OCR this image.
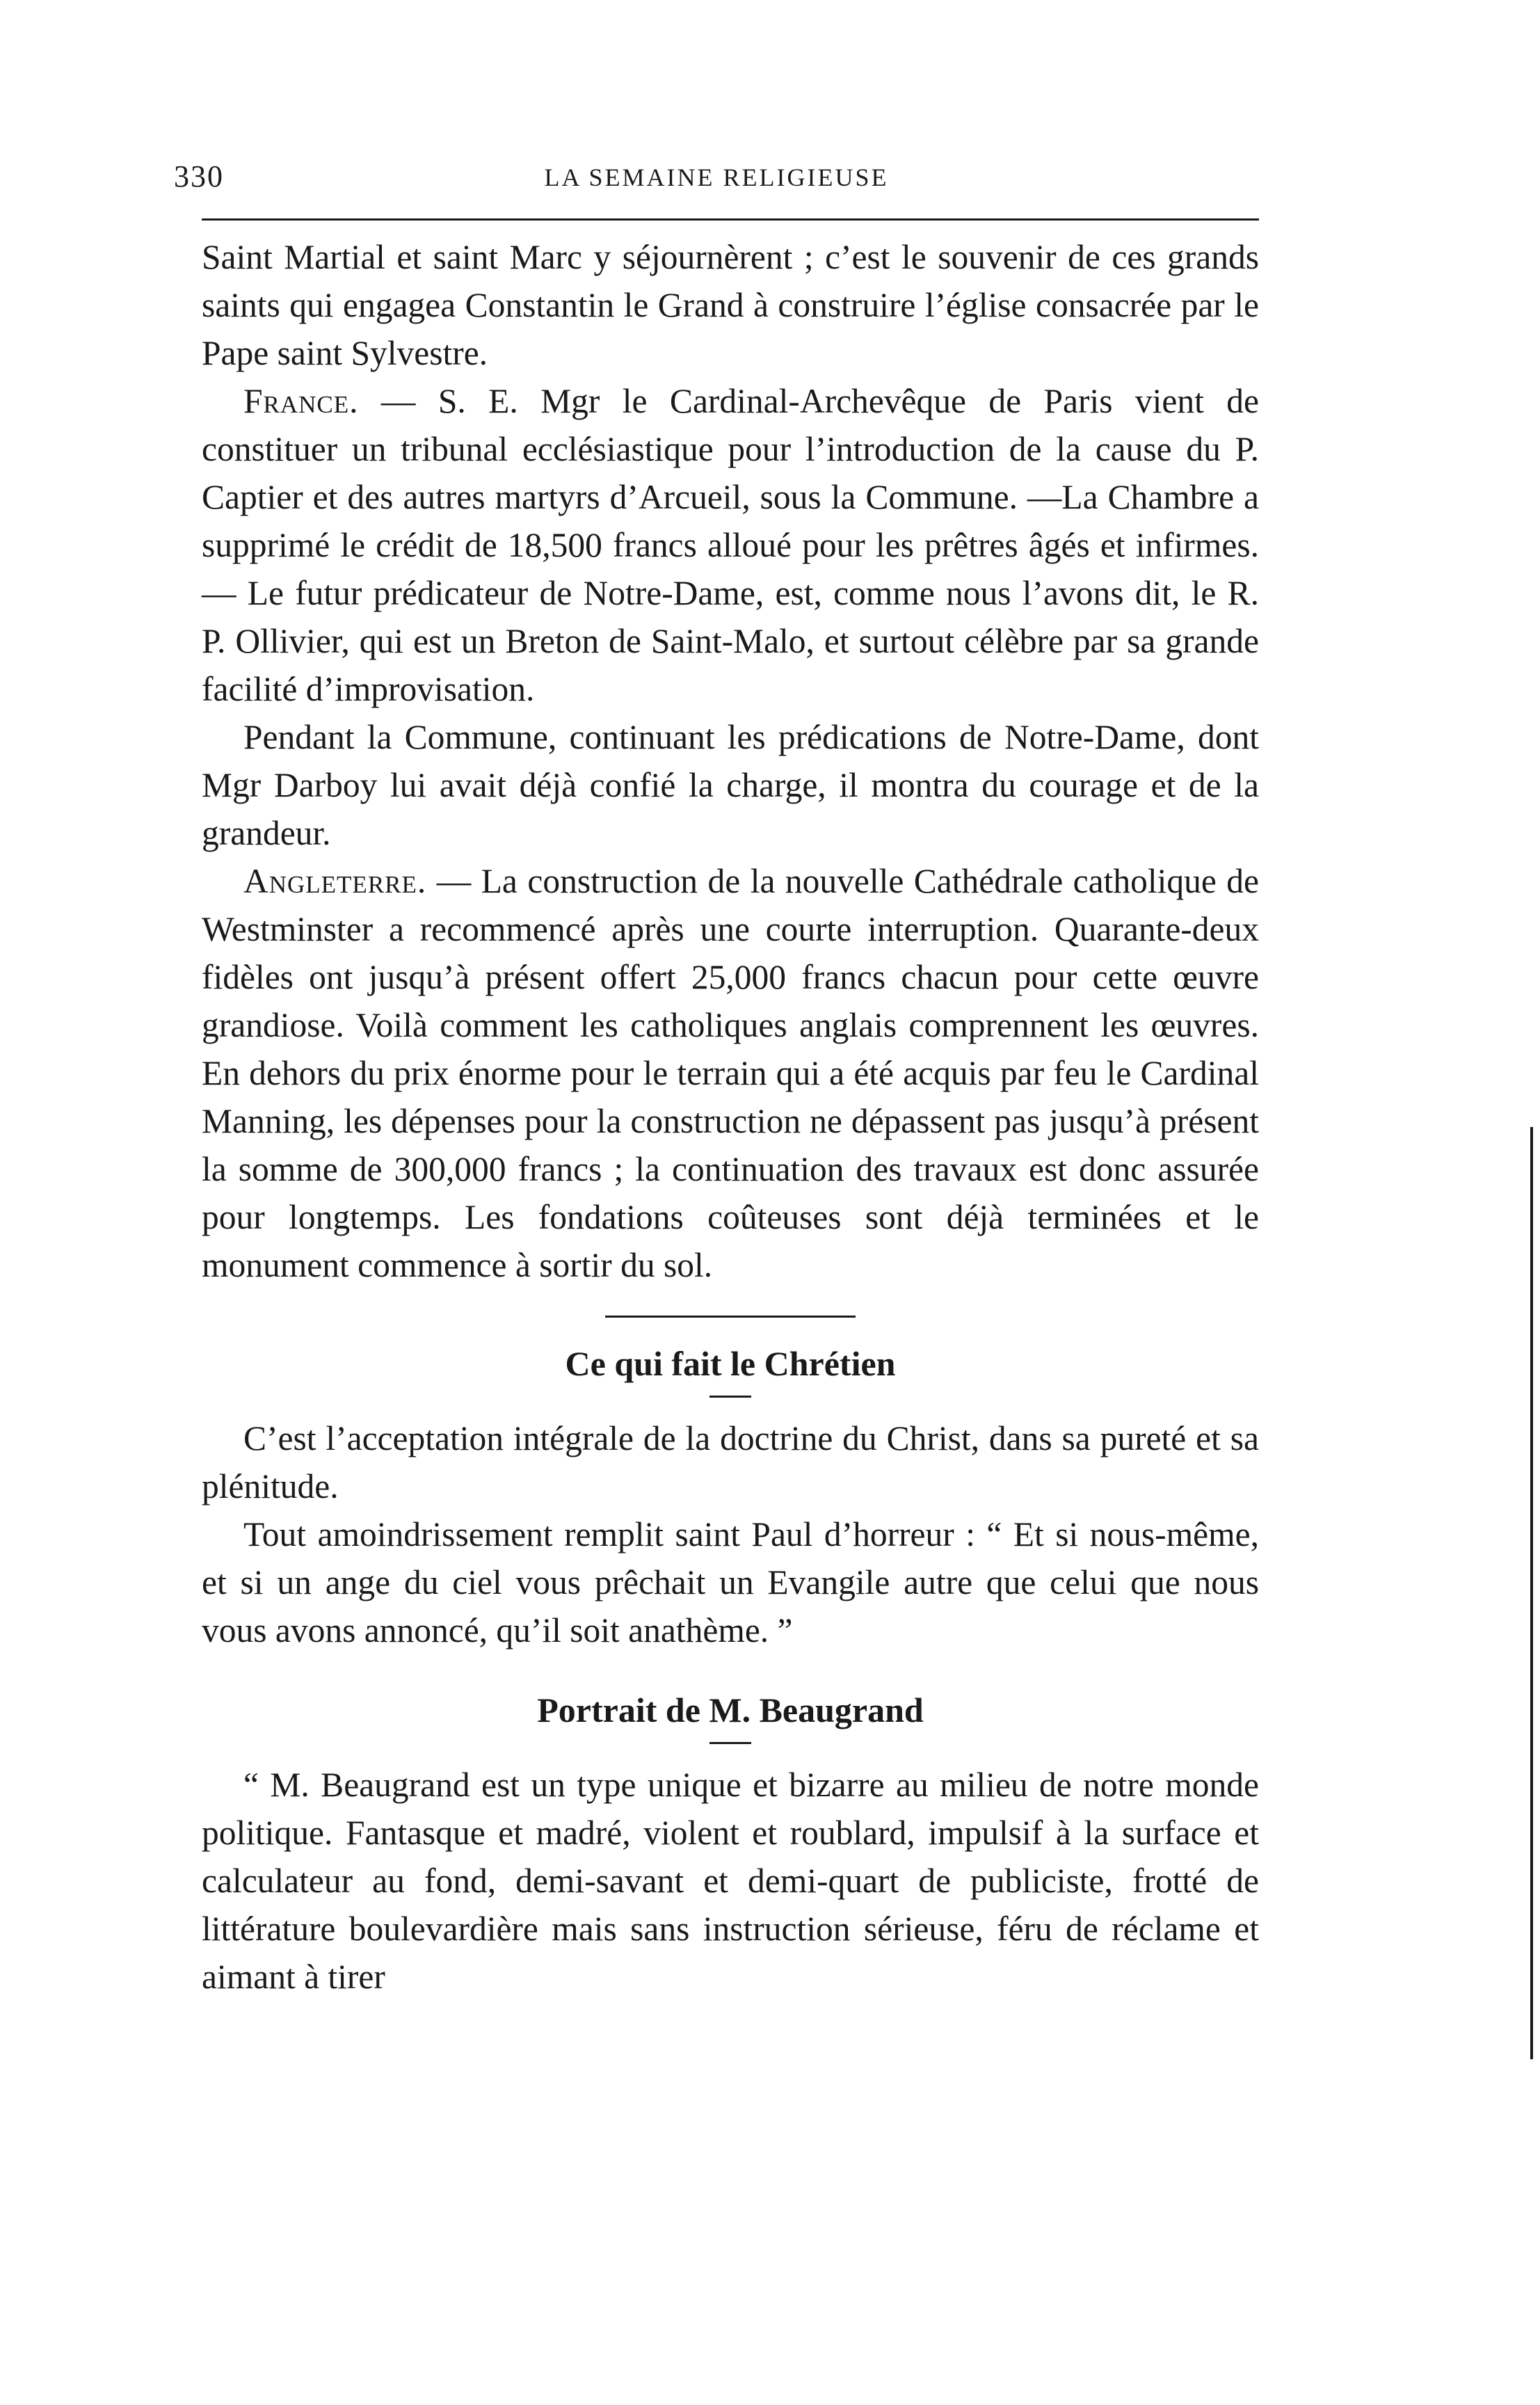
330	LA SEMAINE RELIGIEUSE

Saint Martial et saint Marc y séjournèrent ; c’est le souvenir de ces grands saints qui engagea Constantin le Grand à construire l’église consacrée par le Pape saint Sylvestre.

France. — S. E. Mgr le Cardinal-Archevêque de Paris vient de constituer un tribunal ecclésiastique pour l’introduction de la cause du P. Captier et des autres martyrs d’Arcueil, sous la Commune. —La Chambre a supprimé le crédit de 18,500 francs alloué pour les prêtres âgés et infirmes. — Le futur prédicateur de Notre-Dame, est, comme nous l’avons dit, le R. P. Ollivier, qui est un Breton de Saint-Malo, et surtout célèbre par sa grande facilité d’improvisation.

Pendant la Commune, continuant les prédications de Notre-Dame, dont Mgr Darboy lui avait déjà confié la charge, il montra du courage et de la grandeur.

Angleterre. — La construction de la nouvelle Cathédrale catholique de Westminster a recommencé après une courte interruption. Quarante-deux fidèles ont jusqu’à présent offert 25,000 francs chacun pour cette œuvre grandiose. Voilà comment les catholiques anglais comprennent les œuvres. En dehors du prix énorme pour le terrain qui a été acquis par feu le Cardinal Manning, les dépenses pour la construction ne dépassent pas jusqu’à présent la somme de 300,000 francs ; la continuation des travaux est donc assurée pour longtemps. Les fondations coûteuses sont déjà terminées et le monument commence à sortir du sol.

Ce qui fait le Chrétien

C’est l’acceptation intégrale de la doctrine du Christ, dans sa pureté et sa plénitude.

Tout amoindrissement remplit saint Paul d’horreur : “ Et si nous-même, et si un ange du ciel vous prêchait un Evangile autre que celui que nous vous avons annoncé, qu’il soit anathème. ”

Portrait de M. Beaugrand

“ M. Beaugrand est un type unique et bizarre au milieu de notre monde politique. Fantasque et madré, violent et roublard, impulsif à la surface et calculateur au fond, demi-savant et demi-quart de publiciste, frotté de littérature boulevardière mais sans instruction sérieuse, féru de réclame et aimant à tirer
